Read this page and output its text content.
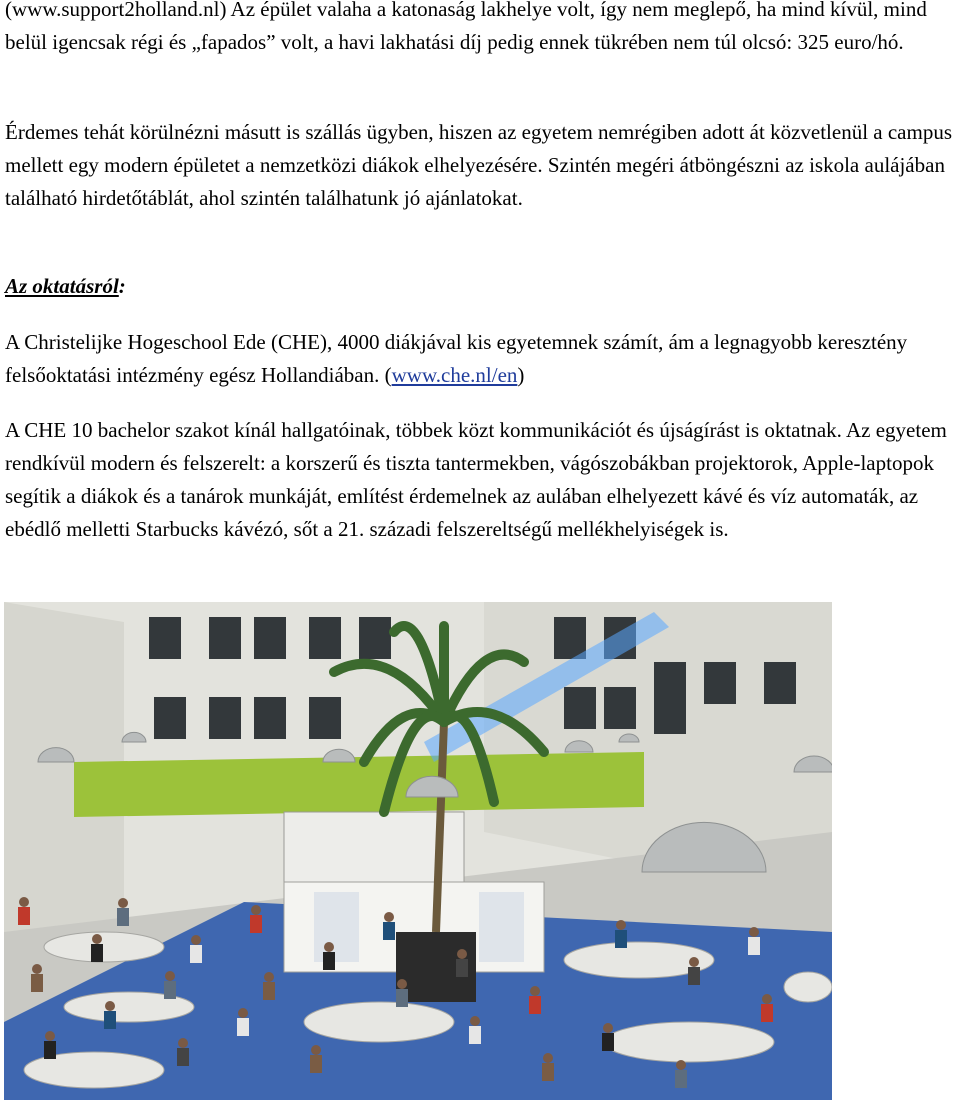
(www.support2holland.nl) Az épület valaha a katonaság lakhelye volt, így nem meglepő, ha mind kívül, mind belül igencsak régi és „fapados” volt, a havi lakhatási díj pedig ennek tükrében nem túl olcsó: 325 euro/hó.

Érdemes tehát körülnézni másutt is szállás ügyben, hiszen az egyetem nemrégiben adott át közvetlenül a campus mellett egy modern épületet a nemzetközi diákok elhelyezésére. Szintén megéri átböngészni az iskola aulájában található hirdetőtáblát, ahol szintén találhatunk jó ajánlatokat.

Az oktatásról:

A Christelijke Hogeschool Ede (CHE), 4000 diákjával kis egyetemnek számít, ám a legnagyobb keresztény felsőoktatási intézmény egész Hollandiában. (www.che.nl/en)

A CHE 10 bachelor szakot kínál hallgatóinak, többek közt kommunikációt és újságírást is oktatnak. Az egyetem rendkívül modern és felszerelt: a korszerű és tiszta tantermekben, vágószobákban projektorok, Apple-laptopok segítik a diákok és a tanárok munkáját, említést érdemelnek az aulában elhelyezett kávé és víz automaták, az ebédlő melletti Starbucks kávézó, sőt a 21. századi felszereltségű mellékhelyiségek is.
